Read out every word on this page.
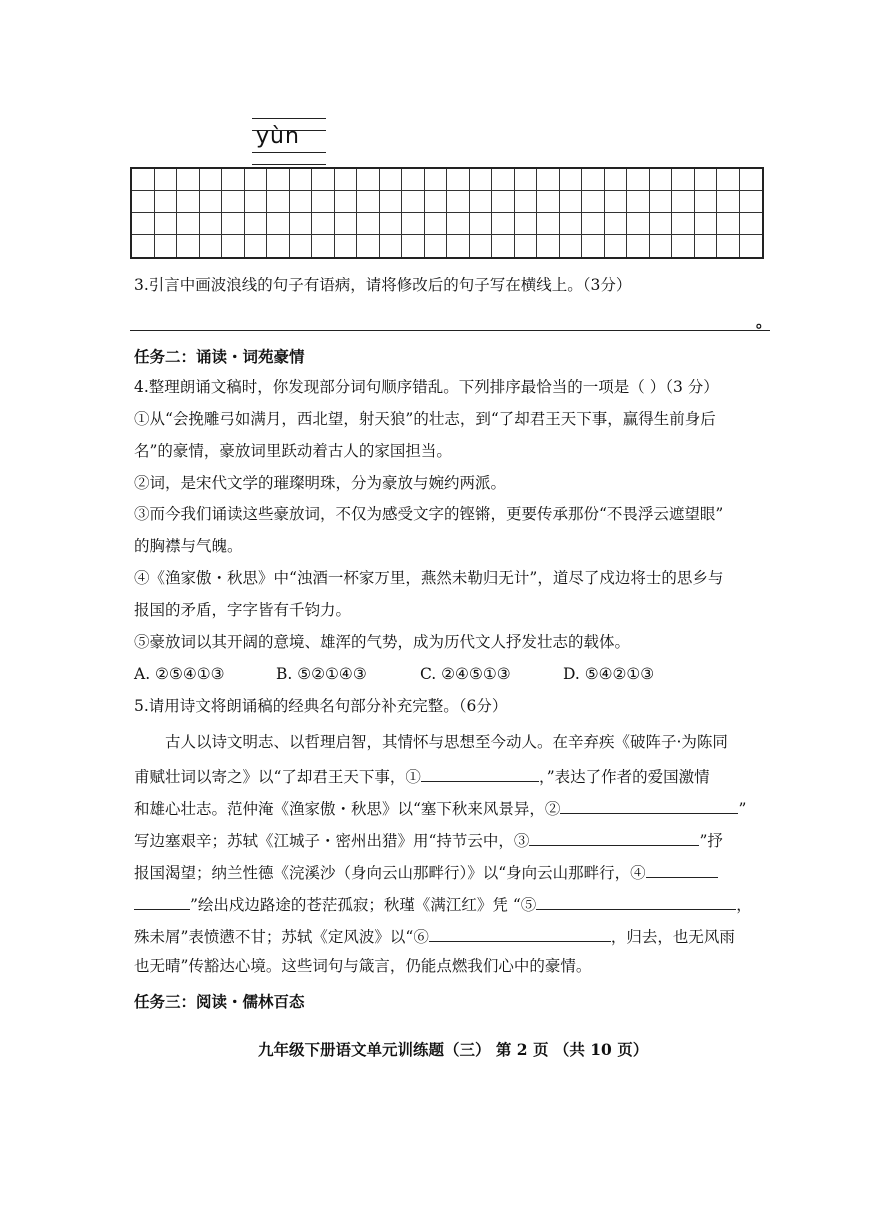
yùn
3.引言中画波浪线的句子有语病，请将修改后的句子写在横线上。（3分）
。
任务二：诵读・词苑豪情
4.整理朗诵文稿时，你发现部分词句顺序错乱。下列排序最恰当的一项是（ ）（3 分）
①从“会挽雕弓如满月，西北望，射天狼”的壮志，到“了却君王天下事，赢得生前身后
名”的豪情，豪放词里跃动着古人的家国担当。
②词，是宋代文学的璀璨明珠，分为豪放与婉约两派。
③而今我们诵读这些豪放词，不仅为感受文字的铿锵，更要传承那份“不畏浮云遮望眼”
的胸襟与气魄。
④《渔家傲・秋思》中“浊酒一杯家万里，燕然未勒归无计”，道尽了戍边将士的思乡与
报国的矛盾，字字皆有千钧力。
⑤豪放词以其开阔的意境、雄浑的气势，成为历代文人抒发壮志的载体。
A. ②⑤④①③	B. ⑤②①④③	C. ②④⑤①③	D. ⑤④②①③
5.请用诗文将朗诵稿的经典名句部分补充完整。（6分）
古人以诗文明志、以哲理启智，其情怀与思想至今动人。在辛弃疾《破阵子·为陈同
甫赋壮词以寄之》以“了却君王天下事，①	，”表达了作者的爱国激情
和雄心壮志。范仲淹《渔家傲・秋思》以“塞下秋来风景异，②	”
写边塞艰辛；苏轼《江城子・密州出猎》用“持节云中，③	”抒
报国渴望；纳兰性德《浣溪沙（身向云山那畔行）》以“身向云山那畔行，④
”绘出戍边路途的苍茫孤寂；秋瑾《满江红》凭 “⑤	，
殊未屑”表愤懑不甘；苏轼《定风波》以“⑥	，归去，也无风雨
也无晴”传豁达心境。这些词句与箴言，仍能点燃我们心中的豪情。
任务三：阅读・儒林百态
九年级下册语文单元训练题（三） 第 2 页 （共 10 页）
